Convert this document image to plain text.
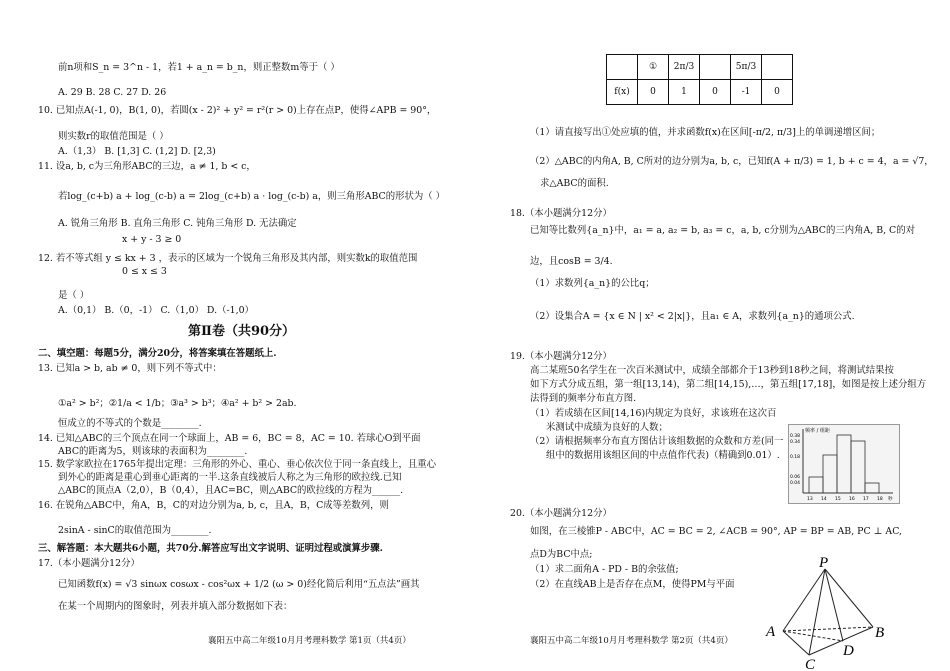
前n项和S_n = 3^n - 1，若1 + a_n = b_n，则正整数m等于（ ）
A. 29 B. 28 C. 27 D. 26
10. 已知点A(-1, 0)，B(1, 0)，若圆(x - 2)² + y² = r²(r > 0)上存在点P，使得∠APB = 90°，
则实数r的取值范围是（ ）
A.（1,3） B. [1,3] C. (1,2] D. [2,3)
11. 设a, b, c为三角形ABC的三边，a ≠ 1, b < c，
若log_(c+b) a + log_(c-b) a = 2log_(c+b) a · log_(c-b) a，则三角形ABC的形状为（ ）
A. 锐角三角形 B. 直角三角形 C. 钝角三角形 D. 无法确定
x + y - 3 ≥ 0
12. 若不等式组 y ≤ kx + 3 ，表示的区域为一个锐角三角形及其内部，则实数k的取值范围
0 ≤ x ≤ 3
是（ ）
A.（0,1） B.（0，-1） C.（1,0） D.（-1,0）
第Ⅱ卷（共90分）
二、填空题：每题5分，满分20分，将答案填在答题纸上.
13. 已知a > b, ab ≠ 0，则下列不等式中：
①a² > b²；②1/a < 1/b；③a³ > b³；④a² + b² > 2ab.
恒成立的不等式的个数是________.
14. 已知△ABC的三个顶点在同一个球面上，AB = 6，BC = 8，AC = 10. 若球心O到平面
ABC的距离为5，则该球的表面积为________.
15. 数学家欧拉在1765年提出定理：三角形的外心、重心、垂心依次位于同一条直线上，且重心
到外心的距离是重心到垂心距离的一半.这条直线被后人称之为三角形的欧拉线.已知
△ABC的顶点A（2,0），B（0,4），且AC=BC，则△ABC的欧拉线的方程为______.
16. 在锐角△ABC中，角A，B，C的对边分别为a, b, c，且A，B，C成等差数列，则
2sinA - sinC的取值范围为________.
三、解答题：本大题共6小题，共70分.解答应写出文字说明、证明过程或演算步骤.
17.（本小题满分12分）
已知函数f(x) = √3 sinωx cosωx - cos²ωx + 1/2 (ω > 0)经化简后利用“五点法”画其
在某一个周期内的图象时，列表并填入部分数据如下表：
襄阳五中高二年级10月月考理科数学 第1页（共4页）
	①	2π/3		5π/3	
f(x)	0	1	0	-1	0
（1）请直接写出①处应填的值，并求函数f(x)在区间[-π/2, π/3]上的单调递增区间；
（2）△ABC的内角A, B, C所对的边分别为a, b, c，已知f(A + π/3) = 1, b + c = 4，a = √7，
求△ABC的面积.
18.（本小题满分12分）
已知等比数列{a_n}中，a₁ = a, a₂ = b, a₃ = c，a, b, c分别为△ABC的三内角A, B, C的对
边，且cosB = 3/4.
（1）求数列{a_n}的公比q；
（2）设集合A = {x ∈ N | x² < 2|x|}，且a₁ ∈ A，求数列{a_n}的通项公式.
19.（本小题满分12分）
高二某班50名学生在一次百米测试中，成绩全部都介于13秒到18秒之间，将测试结果按
如下方式分成五组，第一组[13,14)，第二组[14,15),…，第五组[17,18]，如图是按上述分组方
法得到的频率分布直方图.
（1）若成绩在区间[14,16)内规定为良好，求该班在这次百
米测试中成绩为良好的人数；
（2）请根据频率分布直方图估计该组数据的众数和方差(同一
组中的数据用该组区间的中点值作代表)（精确到0.01）.
频率 / 组距
0.38
0.34
0.18
0.06
0.04
13 14 15 16 17 18 秒
20.（本小题满分12分）
如图，在三棱锥P - ABC中，AC = BC = 2, ∠ACB = 90°, AP = BP = AB, PC ⊥ AC,
点D为BC中点;
（1）求二面角A - PD - B的余弦值;
（2）在直线AB上是否存在点M，使得PM与平面
襄阳五中高二年级10月月考理科数学 第2页（共4页）
P
A	B
C
D
